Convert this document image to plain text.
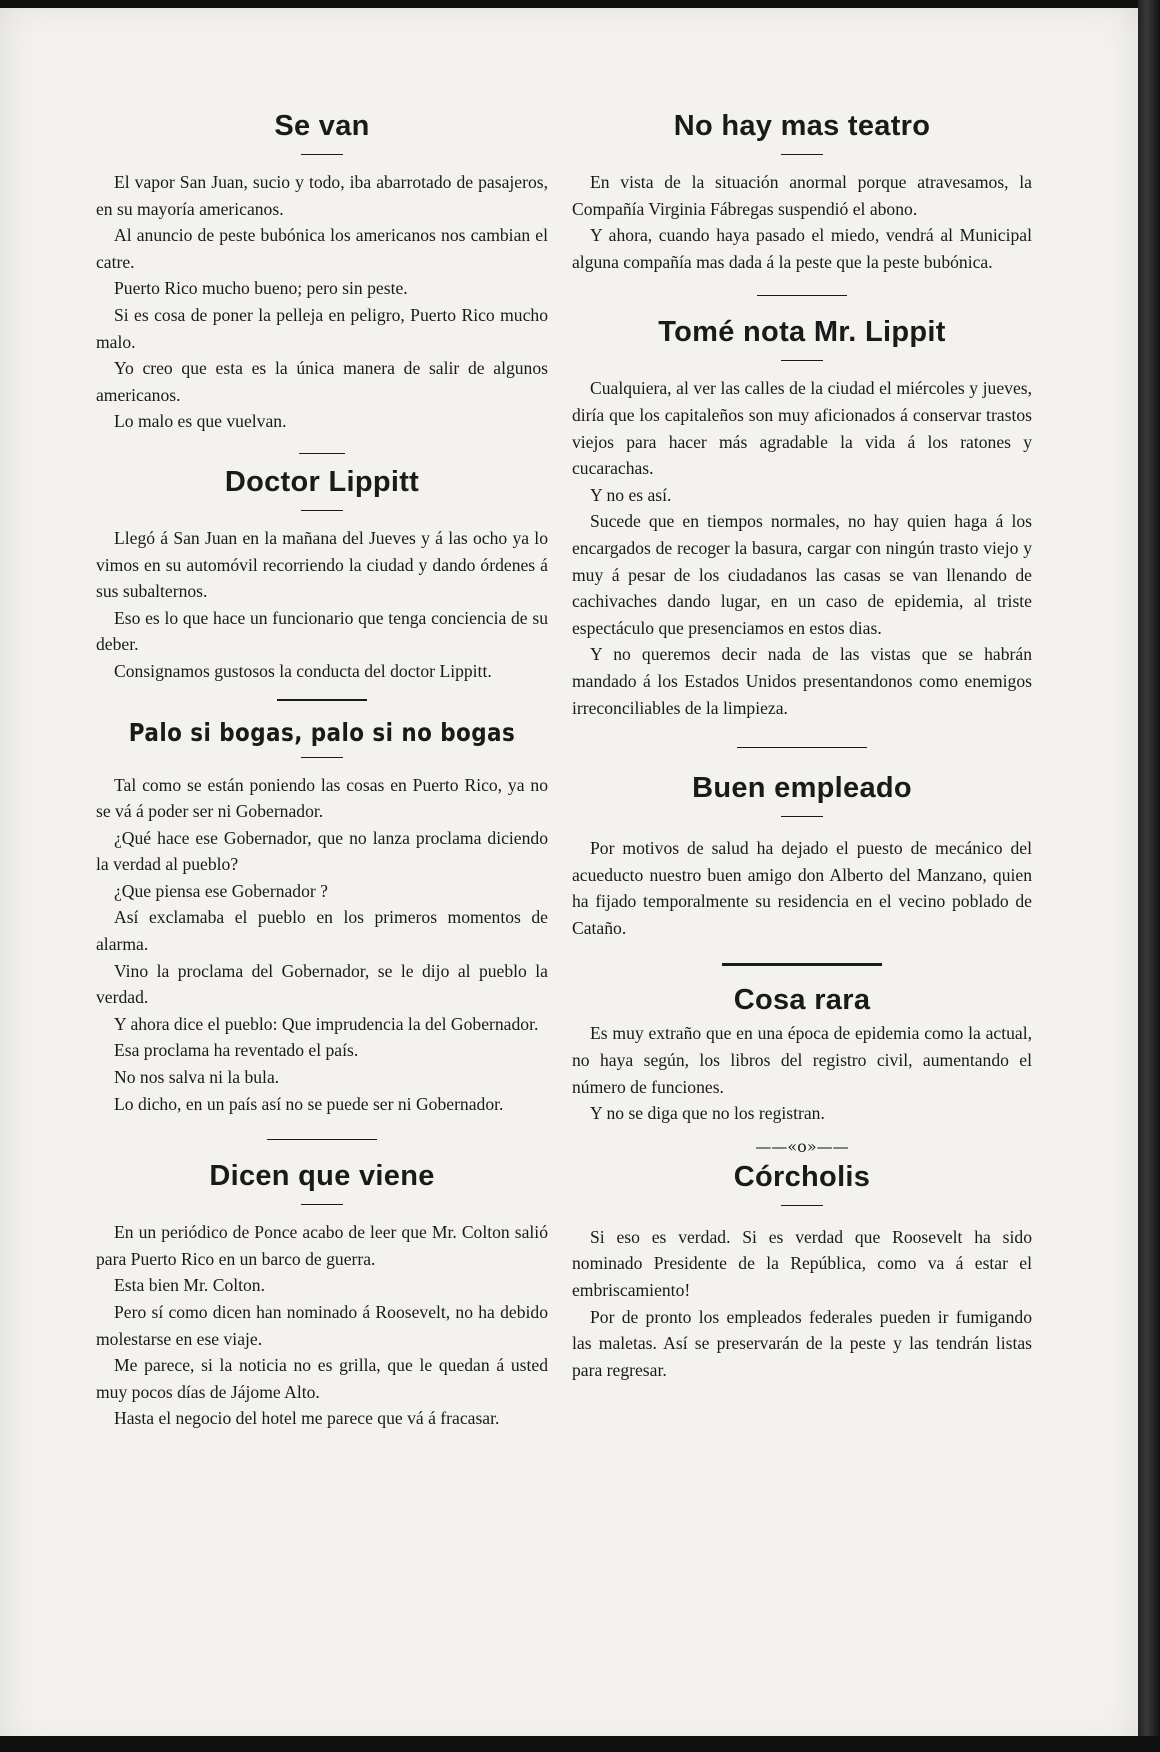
Se van

El vapor San Juan, sucio y todo, iba abarrotado de pasajeros, en su mayoría americanos.

Al anuncio de peste bubónica los americanos nos cambian el catre.

Puerto Rico mucho bueno; pero sin peste.

Si es cosa de poner la pelleja en peligro, Puerto Rico mucho malo.

Yo creo que esta es la única manera de salir de algunos americanos.

Lo malo es que vuelvan.

Doctor Lippitt

Llegó á San Juan en la mañana del Jueves y á las ocho ya lo vimos en su automóvil recorriendo la ciudad y dando órdenes á sus subalternos.

Eso es lo que hace un funcionario que tenga conciencia de su deber.

Consignamos gustosos la conducta del doctor Lippitt.

Palo si bogas, palo si no bogas

Tal como se están poniendo las cosas en Puerto Rico, ya no se vá á poder ser ni Gobernador.

¿Qué hace ese Gobernador, que no lanza proclama diciendo la verdad al pueblo?

¿Que piensa ese Gobernador ?

Así exclamaba el pueblo en los primeros momentos de alarma.

Vino la proclama del Gobernador, se le dijo al pueblo la verdad.

Y ahora dice el pueblo: Que imprudencia la del Gobernador.

Esa proclama ha reventado el país.

No nos salva ni la bula.

Lo dicho, en un país así no se puede ser ni Gobernador.

Dicen que viene

En un periódico de Ponce acabo de leer que Mr. Colton salió para Puerto Rico en un barco de guerra.

Esta bien Mr. Colton.

Pero sí como dicen han nominado á Roosevelt, no ha debido molestarse en ese viaje.

Me parece, si la noticia no es grilla, que le quedan á usted muy pocos días de Jájome Alto.

Hasta el negocio del hotel me parece que vá á fracasar.

No hay mas teatro

En vista de la situación anormal porque atravesamos, la Compañía Virginia Fábregas suspendió el abono.

Y ahora, cuando haya pasado el miedo, vendrá al Municipal alguna compañía mas dada á la peste que la peste bubónica.

Tomé nota Mr. Lippit

Cualquiera, al ver las calles de la ciudad el miércoles y jueves, diría que los capitaleños son muy aficionados á conservar trastos viejos para hacer más agradable la vida á los ratones y cucarachas.

Y no es así.

Sucede que en tiempos normales, no hay quien haga á los encargados de recoger la basura, cargar con ningún trasto viejo y muy á pesar de los ciudadanos las casas se van llenando de cachivaches dando lugar, en un caso de epidemia, al triste espectáculo que presenciamos en estos dias.

Y no queremos decir nada de las vistas que se habrán mandado á los Estados Unidos presentandonos como enemigos irreconciliables de la limpieza.

Buen empleado

Por motivos de salud ha dejado el puesto de mecánico del acueducto nuestro buen amigo don Alberto del Manzano, quien ha fijado temporalmente su residencia en el vecino poblado de Cataño.

Cosa rara

Es muy extraño que en una época de epidemia como la actual, no haya según, los libros del registro civil, aumentando el número de funciones.

Y no se diga que no los registran.

——«o»——
Córcholis

Si eso es verdad. Si es verdad que Roosevelt ha sido nominado Presidente de la República, como va á estar el embriscamiento!

Por de pronto los empleados federales pueden ir fumigando las maletas. Así se preservarán de la peste y las tendrán listas para regresar.
